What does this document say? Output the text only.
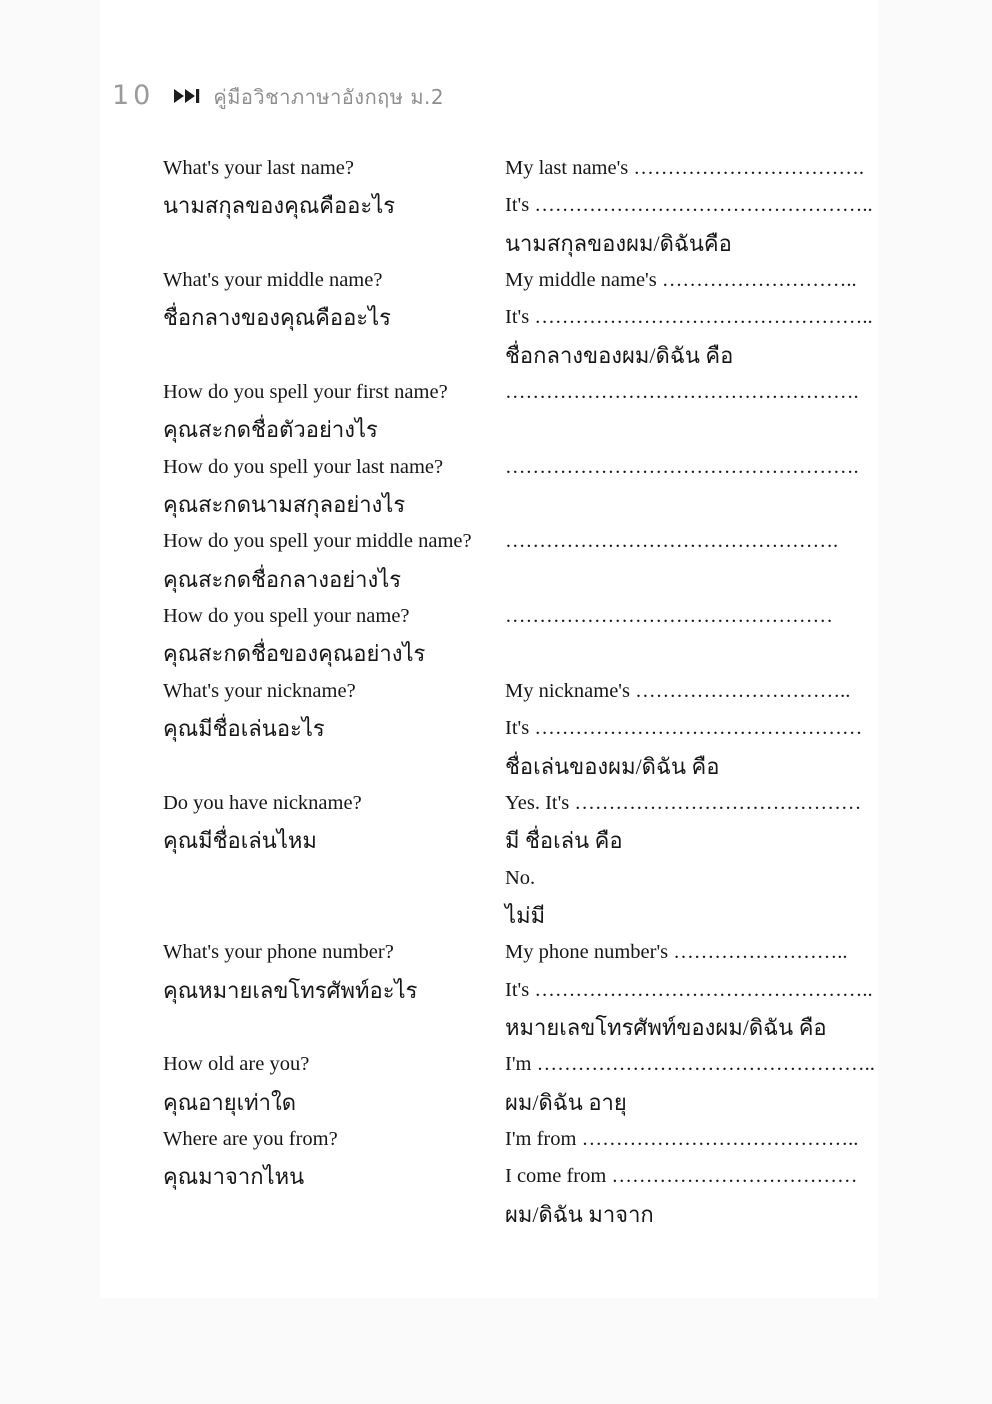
10	คู่มือวิชาภาษาอังกฤษ ม.2
What's your last name?	My last name's …………………………….
นามสกุลของคุณคืออะไร	It's …………………………………………..
นามสกุลของผม/ดิฉันคือ
What's your middle name?	My middle name's ………………………..
ชื่อกลางของคุณคืออะไร	It's …………………………………………..
ชื่อกลางของผม/ดิฉัน คือ
How do you spell your first name?	…………………………………………….
คุณสะกดชื่อตัวอย่างไร
How do you spell your last name?	…………………………………………….
คุณสะกดนามสกุลอย่างไร
How do you spell your middle name?	………………………………………….
คุณสะกดชื่อกลางอย่างไร
How do you spell your name?	…………………………………………
คุณสะกดชื่อของคุณอย่างไร
What's your nickname?	My nickname's …………………………..
คุณมีชื่อเล่นอะไร	It's …………………………………………
ชื่อเล่นของผม/ดิฉัน คือ
Do you have nickname?	Yes. It's ……………………………………
คุณมีชื่อเล่นไหม	มี ชื่อเล่น คือ
No.
ไม่มี
What's your phone number?	My phone number's ……………………..
คุณหมายเลขโทรศัพท์อะไร	It's …………………………………………..
หมายเลขโทรศัพท์ของผม/ดิฉัน คือ
How old are you?	I'm …………………………………………..
คุณอายุเท่าใด	ผม/ดิฉัน อายุ
Where are you from?	I'm from …………………………………..
คุณมาจากไหน	I come from ………………………………
ผม/ดิฉัน มาจาก
